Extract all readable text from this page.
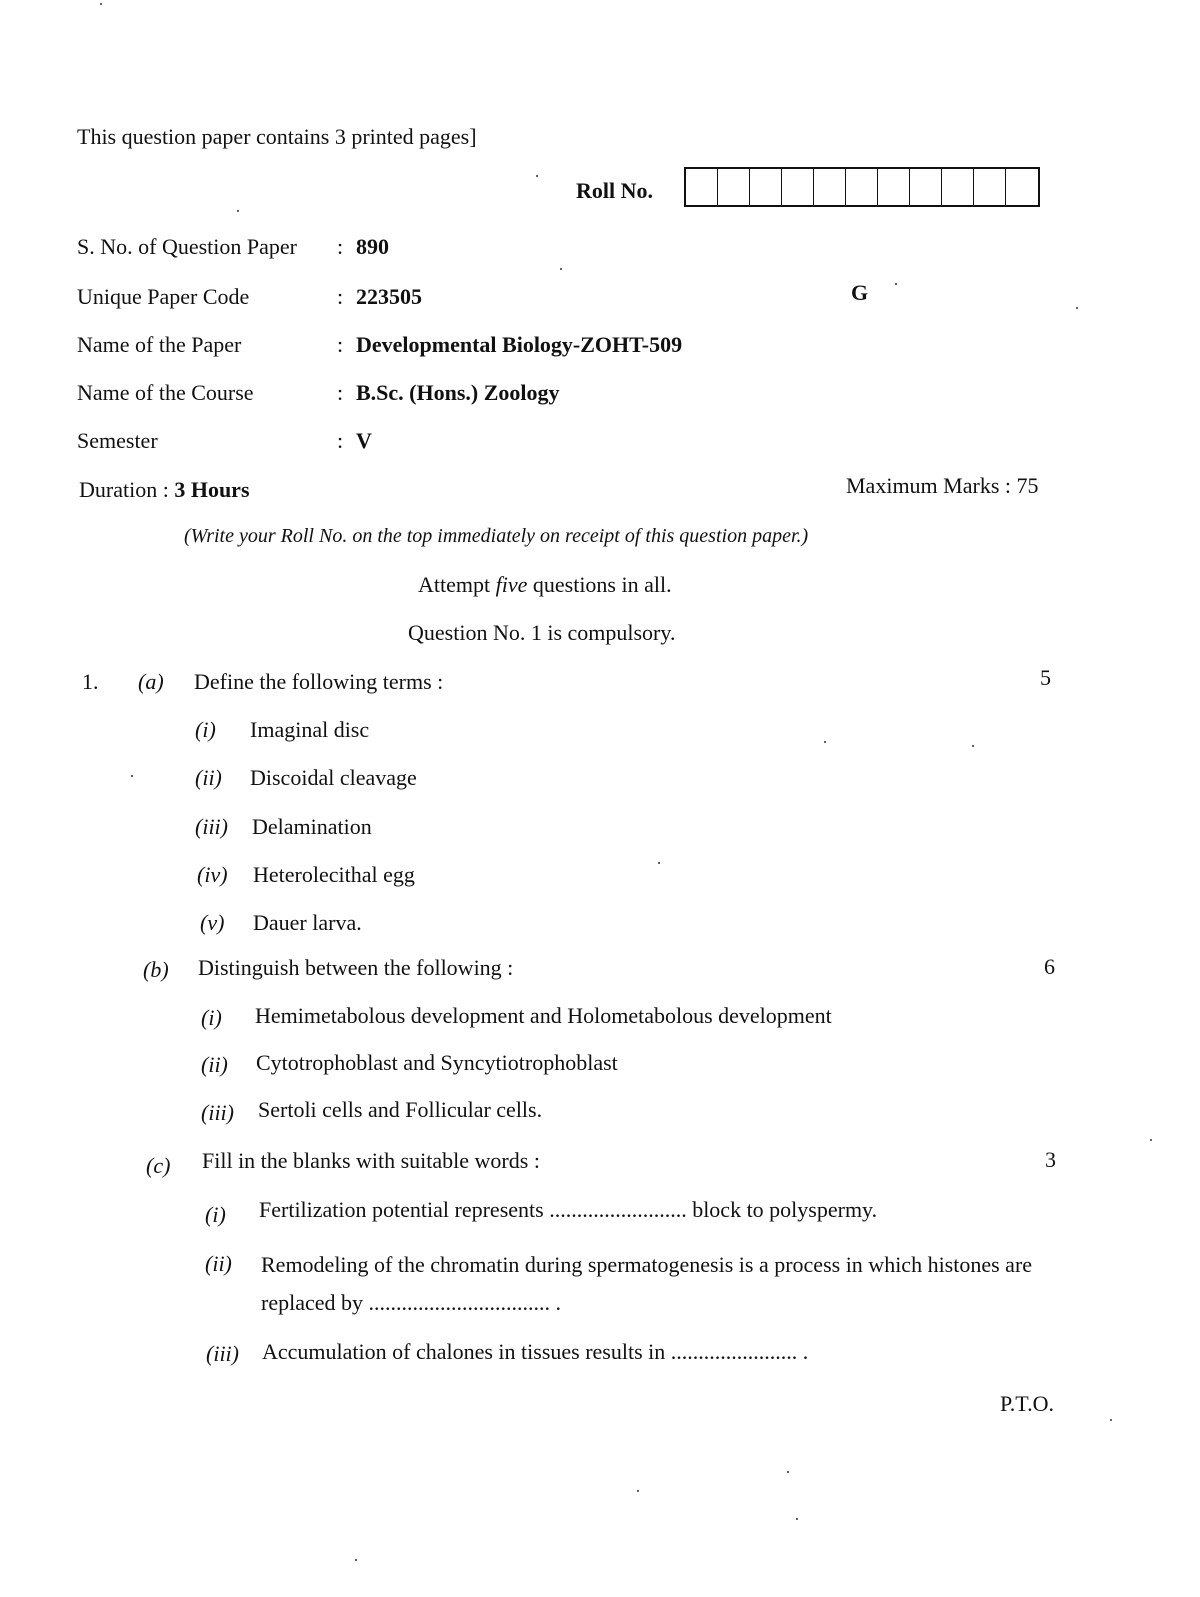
This question paper contains 3 printed pages]
Roll No.
S. No. of Question Paper : 890
Unique Paper Code	: 223505	G
Name of the Paper	: Developmental Biology-ZOHT-509
Name of the Course	: B.Sc. (Hons.) Zoology
Semester	: V
Duration : 3 Hours	Maximum Marks : 75
(Write your Roll No. on the top immediately on receipt of this question paper.)
Attempt five questions in all.
Question No. 1 is compulsory.
1. (a) Define the following terms :	5
(i) Imaginal disc
(ii) Discoidal cleavage
(iii) Delamination
(iv) Heterolecithal egg
(v) Dauer larva.
(b) Distinguish between the following :	6
(i) Hemimetabolous development and Holometabolous development
(ii) Cytotrophoblast and Syncytiotrophoblast
(iii) Sertoli cells and Follicular cells.
(c) Fill in the blanks with suitable words :	3
(i) Fertilization potential represents ......................... block to polyspermy.
(ii) Remodeling of the chromatin during spermatogenesis is a process in which histones are replaced by ................................. .
(iii) Accumulation of chalones in tissues results in ....................... .
P.T.O.
